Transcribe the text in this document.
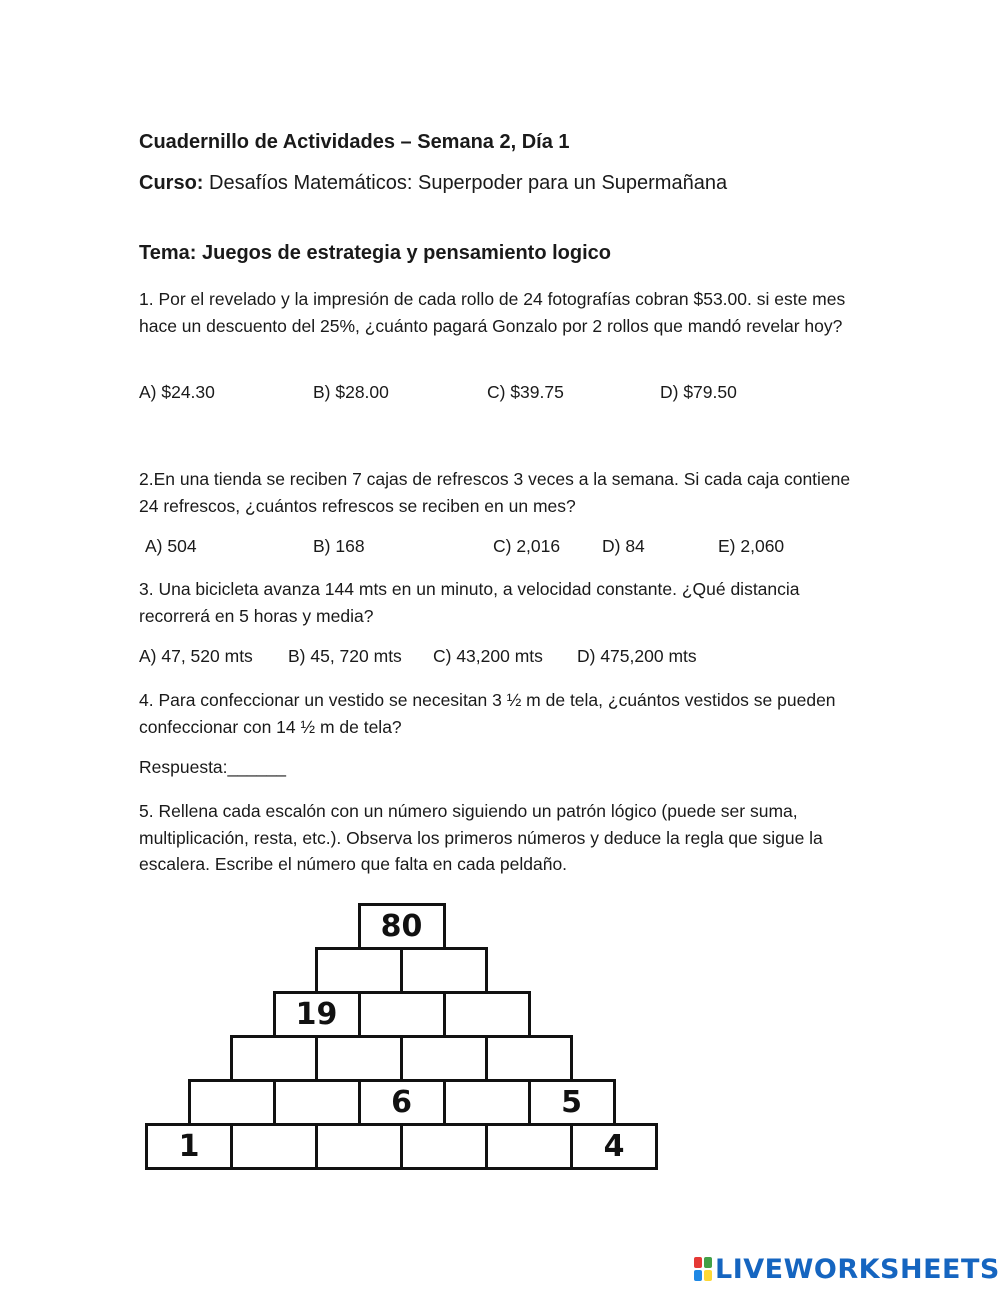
Cuadernillo de Actividades – Semana 2, Día 1
Curso: Desafíos Matemáticos: Superpoder para un Supermañana
Tema: Juegos de estrategia y pensamiento logico
1. Por el revelado y la impresión de cada rollo de 24 fotografías cobran $53.00. si este mes hace un descuento del 25%, ¿cuánto pagará Gonzalo por 2 rollos que mandó revelar hoy?
A) $24.30	B) $28.00	C) $39.75	D) $79.50
2.En una tienda se reciben 7 cajas de refrescos 3 veces a la semana. Si cada caja contiene 24 refrescos, ¿cuántos refrescos se reciben en un mes?
A) 504	B) 168	C) 2,016 D) 84	E) 2,060
3. Una bicicleta avanza 144 mts en un minuto, a velocidad constante. ¿Qué distancia recorrerá en 5 horas y media?
A) 47, 520 mts B) 45, 720 mts C) 43,200 mts D) 475,200 mts
4. Para confeccionar un vestido se necesitan 3 ½ m de tela, ¿cuántos vestidos se pueden confeccionar con 14 ½ m de tela?
Respuesta:______
5. Rellena cada escalón con un número siguiendo un patrón lógico (puede ser suma, multiplicación, resta, etc.). Observa los primeros números y deduce la regla que sigue la escalera. Escribe el número que falta en cada peldaño.
80
19
6	5
1	4
LIVEWORKSHEETS
